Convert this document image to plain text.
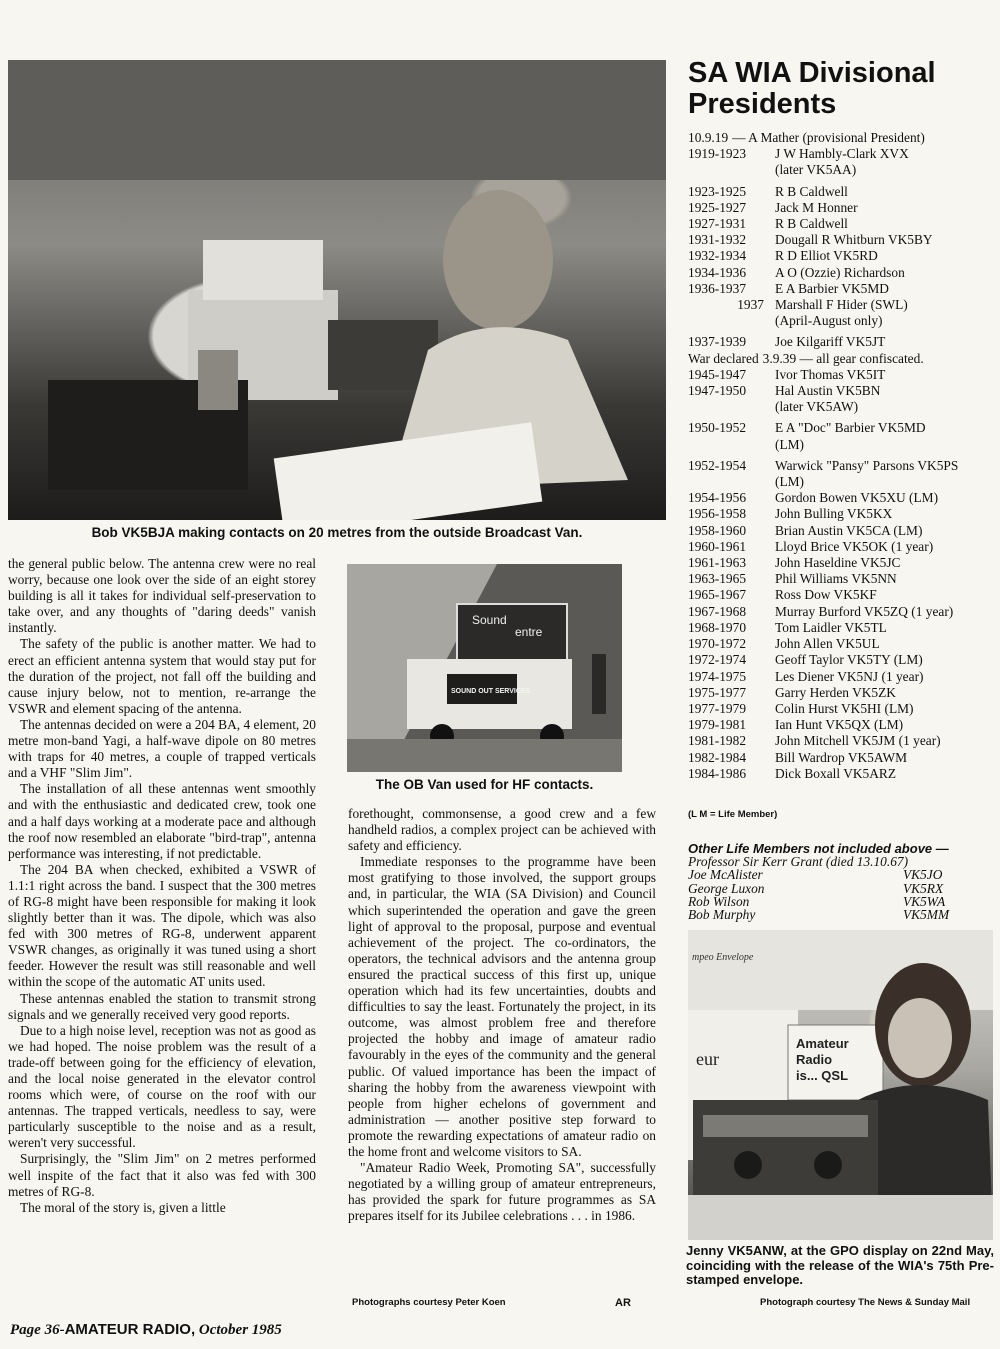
Bob VK5BJA making contacts on 20 metres from the outside Broadcast Van.
Sound
entre
SOUND OUT SERVICES
The OB Van used for HF contacts.

the general public below. The antenna crew were no real worry, because one look over the side of an eight storey building is all it takes for individual self-preservation to take over, and any thoughts of "daring deeds" vanish instantly.

The safety of the public is another matter. We had to erect an efficient antenna system that would stay put for the duration of the project, not fall off the building and cause injury below, not to mention, re-arrange the VSWR and element spacing of the antenna.

The antennas decided on were a 204 BA, 4 element, 20 metre mon-band Yagi, a half-wave dipole on 80 metres with traps for 40 metres, a couple of trapped verticals and a VHF "Slim Jim".

The installation of all these antennas went smoothly and with the enthusiastic and dedicated crew, took one and a half days working at a moderate pace and although the roof now resembled an elaborate "bird-trap", antenna performance was interesting, if not predictable.

The 204 BA when checked, exhibited a VSWR of 1.1:1 right across the band. I suspect that the 300 metres of RG-8 might have been responsible for making it look slightly better than it was. The dipole, which was also fed with 300 metres of RG-8, underwent apparent VSWR changes, as originally it was tuned using a short feeder. However the result was still reasonable and well within the scope of the automatic AT units used.

These antennas enabled the station to transmit strong signals and we generally received very good reports.

Due to a high noise level, reception was not as good as we had hoped. The noise problem was the result of a trade-off between going for the efficiency of elevation, and the local noise generated in the elevator control rooms which were, of course on the roof with our antennas. The trapped verticals, needless to say, were particularly susceptible to the noise and as a result, weren't very successful.

Surprisingly, the "Slim Jim" on 2 metres performed well inspite of the fact that it also was fed with 300 metres of RG-8.

The moral of the story is, given a little

forethought, commonsense, a good crew and a few handheld radios, a complex project can be achieved with safety and efficiency.

Immediate responses to the programme have been most gratifying to those involved, the support groups and, in particular, the WIA (SA Division) and Council which superintended the operation and gave the green light of approval to the proposal, purpose and eventual achievement of the project. The co-ordinators, the operators, the technical advisors and the antenna group ensured the practical success of this first up, unique operation which had its few uncertainties, doubts and difficulties to say the least. Fortunately the project, in its outcome, was almost problem free and therefore projected the hobby and image of amateur radio favourably in the eyes of the community and the general public. Of valued importance has been the impact of sharing the hobby from the awareness viewpoint with people from higher echelons of government and administration — another positive step forward to promote the rewarding expectations of amateur radio on the home front and welcome visitors to SA.

"Amateur Radio Week, Promoting SA", successfully negotiated by a willing group of amateur entrepreneurs, has provided the spark for future programmes as SA prepares itself for its Jubilee celebrations . . . in 1986.

Photographs courtesy Peter Koen	AR
SA WIA Divisional Presidents
10.9.19 — A Mather (provisional President)
1919-1923	J W Hambly-Clark XVX
(later VK5AA)
1923-1925	R B Caldwell
1925-1927	Jack M Honner
1927-1931	R B Caldwell
1931-1932	Dougall R Whitburn VK5BY
1932-1934	R D Elliot VK5RD
1934-1936	A O (Ozzie) Richardson
1936-1937	E A Barbier VK5MD
1937 Marshall F Hider (SWL)
(April-August only)
1937-1939	Joe Kilgariff VK5JT
War declared 3.9.39 — all gear confiscated.
1945-1947	Ivor Thomas VK5IT
1947-1950	Hal Austin VK5BN
(later VK5AW)
1950-1952	E A "Doc" Barbier VK5MD
(LM)
1952-1954	Warwick "Pansy" Parsons VK5PS
(LM)
1954-1956	Gordon Bowen VK5XU (LM)
1956-1958	John Bulling VK5KX
1958-1960	Brian Austin VK5CA (LM)
1960-1961	Lloyd Brice VK5OK (1 year)
1961-1963	John Haseldine VK5JC
1963-1965	Phil Williams VK5NN
1965-1967	Ross Dow VK5KF
1967-1968	Murray Burford VK5ZQ (1 year)
1968-1970	Tom Laidler VK5TL
1970-1972	John Allen VK5UL
1972-1974	Geoff Taylor VK5TY (LM)
1974-1975	Les Diener VK5NJ (1 year)
1975-1977	Garry Herden VK5ZK
1977-1979	Colin Hurst VK5HI (LM)
1979-1981	Ian Hunt VK5QX (LM)
1981-1982	John Mitchell VK5JM (1 year)
1982-1984	Bill Wardrop VK5AWM
1984-1986	Dick Boxall VK5ARZ
(L M = Life Member)
Other Life Members not included above —
Professor Sir Kerr Grant (died 13.10.67)
Joe McAlister	VK5JO
George Luxon	VK5RX
Rob Wilson	VK5WA
Bob Murphy	VK5MM
Amateur
Radio
is... QSL
eur
mpeo Envelope
Jenny VK5ANW, at the GPO display on 22nd May, coinciding with the release of the WIA's 75th Pre-stamped envelope.
Photograph courtesy The News & Sunday Mail
Page 36-AMATEUR RADIO, October 1985
